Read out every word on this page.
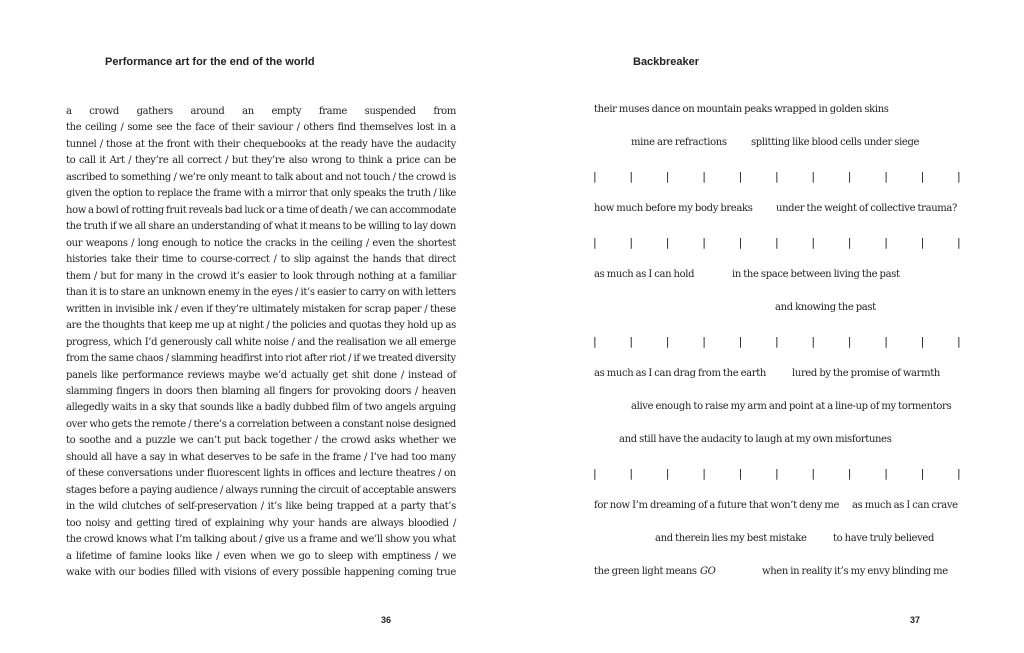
Performance art for the end of the world
a crowd gathers around an empty frame suspended from
the ceiling / some see the face of their saviour / others find themselves lost in a
tunnel / those at the front with their chequebooks at the ready have the audacity
to call it Art / they’re all correct / but they’re also wrong to think a price can be
ascribed to something / we’re only meant to talk about and not touch / the crowd is
given the option to replace the frame with a mirror that only speaks the truth / like
how a bowl of rotting fruit reveals bad luck or a time of death / we can accommodate
the truth if we all share an understanding of what it means to be willing to lay down
our weapons / long enough to notice the cracks in the ceiling / even the shortest
histories take their time to course-correct / to slip against the hands that direct
them / but for many in the crowd it’s easier to look through nothing at a familiar
than it is to stare an unknown enemy in the eyes / it’s easier to carry on with letters
written in invisible ink / even if they’re ultimately mistaken for scrap paper / these
are the thoughts that keep me up at night / the policies and quotas they hold up as
progress, which I’d generously call white noise / and the realisation we all emerge
from the same chaos / slamming headfirst into riot after riot / if we treated diversity
panels like performance reviews maybe we’d actually get shit done / instead of
slamming fingers in doors then blaming all fingers for provoking doors / heaven
allegedly waits in a sky that sounds like a badly dubbed film of two angels arguing
over who gets the remote / there’s a correlation between a constant noise designed
to soothe and a puzzle we can’t put back together / the crowd asks whether we
should all have a say in what deserves to be safe in the frame / I’ve had too many
of these conversations under fluorescent lights in offices and lecture theatres / on
stages before a paying audience / always running the circuit of acceptable answers
in the wild clutches of self-preservation / it’s like being trapped at a party that’s
too noisy and getting tired of explaining why your hands are always bloodied /
the crowd knows what I’m talking about / give us a frame and we’ll show you what
a lifetime of famine looks like / even when we go to sleep with emptiness / we
wake with our bodies filled with visions of every possible happening coming true
36
Backbreaker
their muses dance on mountain peaks wrapped in golden skins
mine are refractions splitting like blood cells under siege
|	|	|	|	|	|	|	|	|	|	|
how much before my body breaks under the weight of collective trauma?
|	|	|	|	|	|	|	|	|	|	|
as much as I can hold	in the space between living the past
and knowing the past
|	|	|	|	|	|	|	|	|	|	|
as much as I can drag from the earth	lured by the promise of warmth
alive enough to raise my arm and point at a line-up of my tormentors
and still have the audacity to laugh at my own misfortunes
|	|	|	|	|	|	|	|	|	|	|
for now I’m dreaming of a future that won’t deny me as much as I can crave
and therein lies my best mistake	to have truly believed
the green light means GO	when in reality it’s my envy blinding me
37
